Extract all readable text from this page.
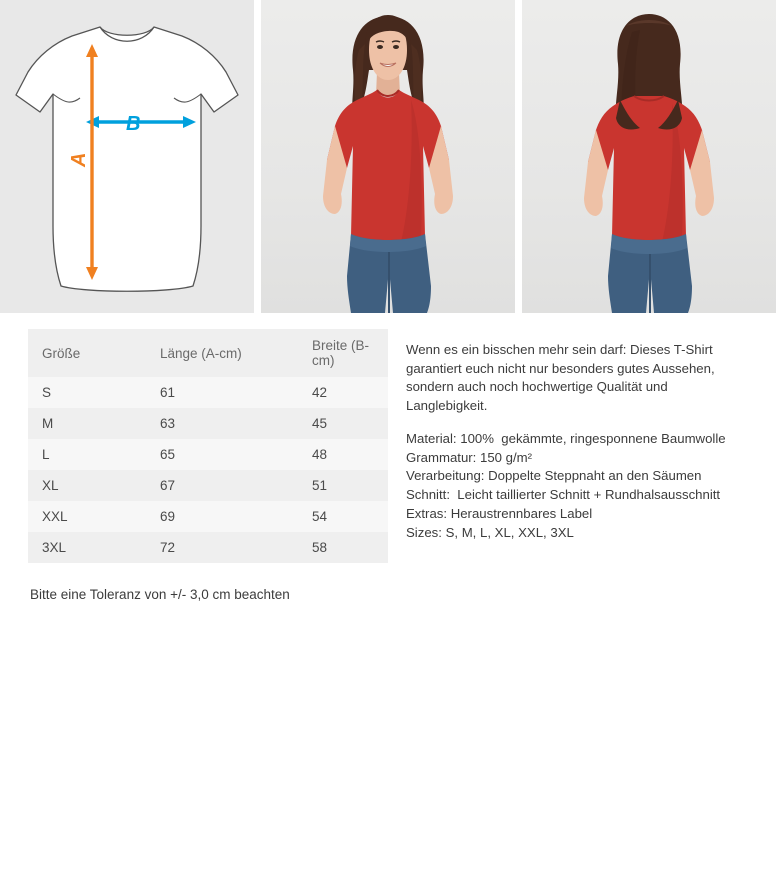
B
A
Größe	Länge (A-cm)	Breite (B-cm)
S	61	42
M	63	45
L	65	48
XL	67	51
XXL	69	54
3XL	72	58
Bitte eine Toleranz von +/- 3,0 cm beachten

Wenn es ein bisschen mehr sein darf: Dieses T-Shirt garantiert euch nicht nur besonders gutes Aussehen, sondern auch noch hochwertige Qualität und Langlebigkeit.

Material: 100%  gekämmte, ringesponnene Baumwolle
Grammatur: 150 g/m²
Verarbeitung: Doppelte Steppnaht an den Säumen
Schnitt:  Leicht taillierter Schnitt + Rundhalsausschnitt
Extras: Heraustrennbares Label
Sizes: S, M, L, XL, XXL, 3XL
